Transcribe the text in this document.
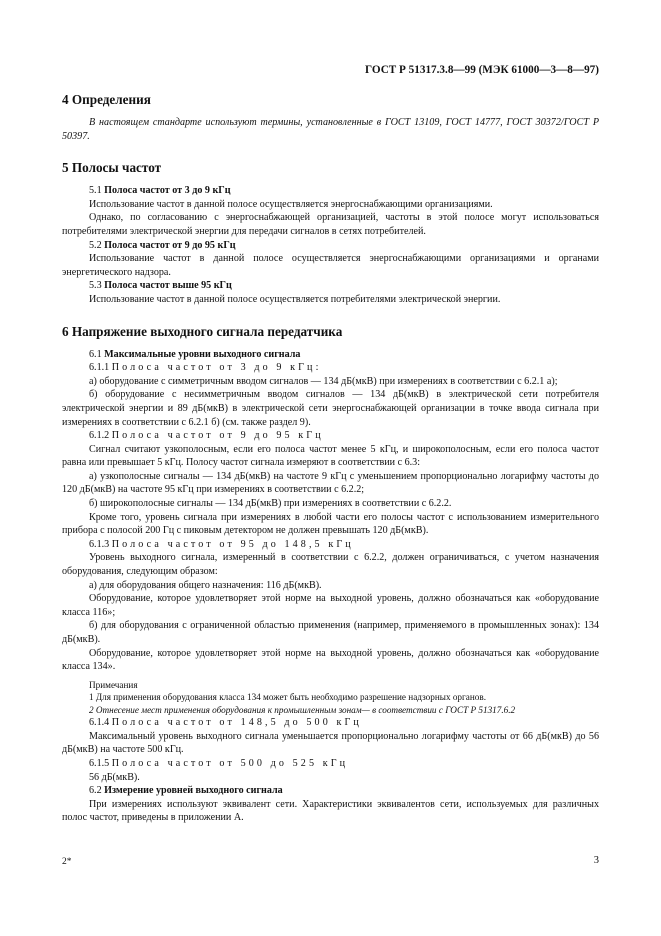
ГОСТ Р 51317.3.8—99 (МЭК 61000—3—8—97)
4 Определения

В настоящем стандарте используют термины, установленные в ГОСТ 13109, ГОСТ 14777, ГОСТ 30372/ГОСТ Р 50397.

5 Полосы частот

5.1 Полоса частот от 3 до 9 кГц

Использование частот в данной полосе осуществляется энергоснабжающими организациями.

Однако, по согласованию с энергоснабжающей организацией, частоты в этой полосе могут использоваться потребителями электрической энергии для передачи сигналов в сетях потребителей.

5.2 Полоса частот от 9 до 95 кГц

Использование частот в данной полосе осуществляется энергоснабжающими организациями и органами энергетического надзора.

5.3 Полоса частот выше 95 кГц

Использование частот в данной полосе осуществляется потребителями электрической энергии.

6 Напряжение выходного сигнала передатчика

6.1 Максимальные уровни выходного сигнала

6.1.1 Полоса частот от 3 до 9 кГц:

а) оборудование с симметричным вводом сигналов — 134 дБ(мкВ) при измерениях в соответствии с 6.2.1 а);

б) оборудование с несимметричным вводом сигналов — 134 дБ(мкВ) в электрической сети потребителя электрической энергии и 89 дБ(мкВ) в электрической сети энергоснабжающей организации в точке ввода сигнала при измерениях в соответствии с 6.2.1 б) (см. также раздел 9).

6.1.2 Полоса частот от 9 до 95 кГц

Сигнал считают узкополосным, если его полоса частот менее 5 кГц, и широкополосным, если его полоса частот равна или превышает 5 кГц. Полосу частот сигнала измеряют в соответствии с 6.3:

а) узкополосные сигналы — 134 дБ(мкВ) на частоте 9 кГц с уменьшением пропорционально логарифму частоты до 120 дБ(мкВ) на частоте 95 кГц при измерениях в соответствии с 6.2.2;

б) широкополосные сигналы — 134 дБ(мкВ) при измерениях в соответствии с 6.2.2.

Кроме того, уровень сигнала при измерениях в любой части его полосы частот с использованием измерительного прибора с полосой 200 Гц с пиковым детектором не должен превышать 120 дБ(мкВ).

6.1.3 Полоса частот от 95 до 148,5 кГц

Уровень выходного сигнала, измеренный в соответствии с 6.2.2, должен ограничиваться, с учетом назначения оборудования, следующим образом:

а) для оборудования общего назначения: 116 дБ(мкВ).

Оборудование, которое удовлетворяет этой норме на выходной уровень, должно обозначаться как «оборудование класса 116»;

б) для оборудования с ограниченной областью применения (например, применяемого в промышленных зонах): 134 дБ(мкВ).

Оборудование, которое удовлетворяет этой норме на выходной уровень, должно обозначаться как «оборудование класса 134».

Примечания

1 Для применения оборудования класса 134 может быть необходимо разрешение надзорных органов.

2 Отнесение мест применения оборудования к промышленным зонам— в соответствии с ГОСТ Р 51317.6.2

6.1.4 Полоса частот от 148,5 до 500 кГц

Максимальный уровень выходного сигнала уменьшается пропорционально логарифму частоты от 66 дБ(мкВ) до 56 дБ(мкВ) на частоте 500 кГц.

6.1.5 Полоса частот от 500 до 525 кГц

56 дБ(мкВ).

6.2 Измерение уровней выходного сигнала

При измерениях используют эквивалент сети. Характеристики эквивалентов сети, используемых для различных полос частот, приведены в приложении А.

2*	3
